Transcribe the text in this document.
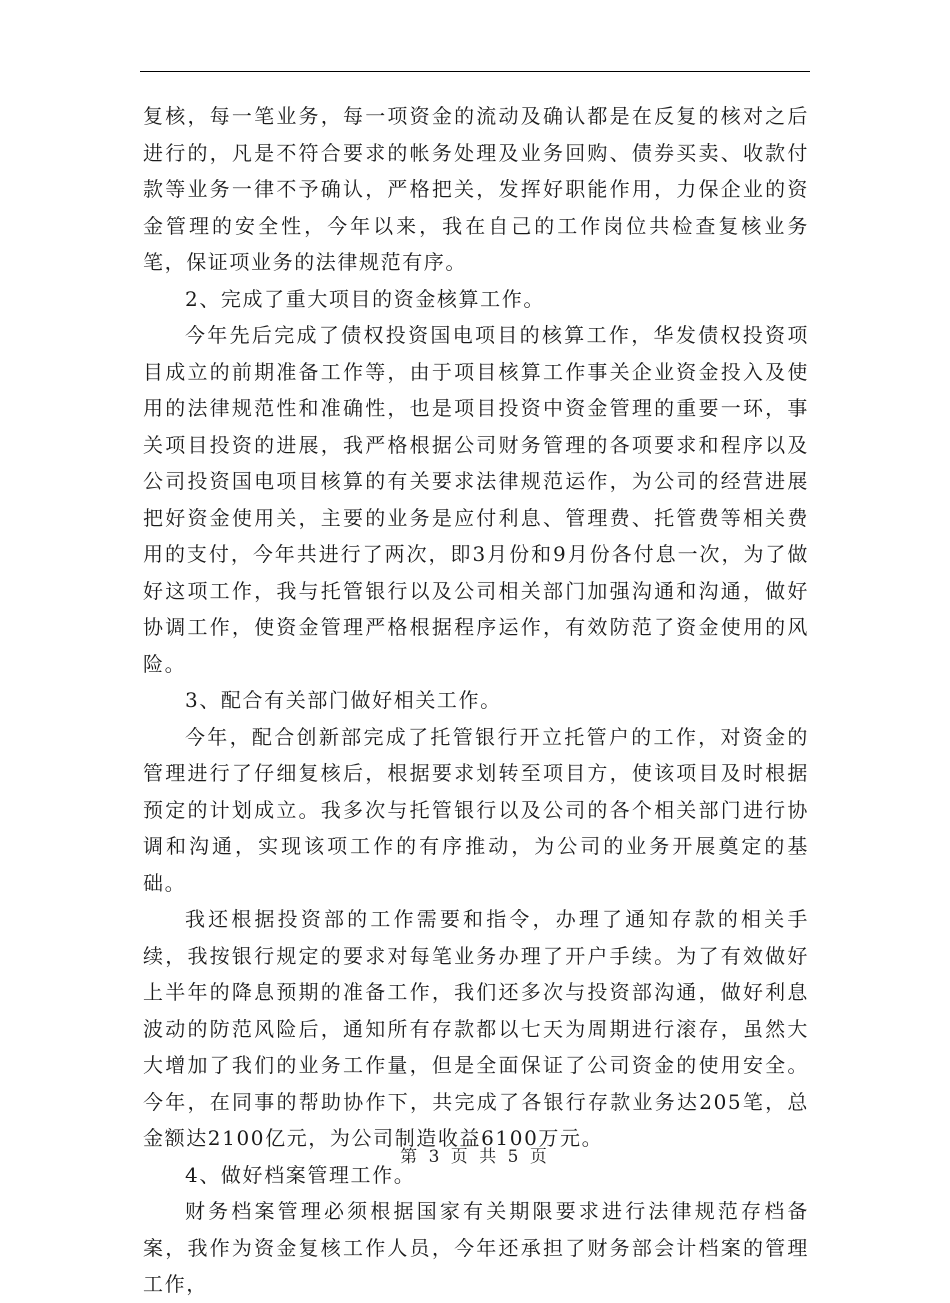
复核，每一笔业务，每一项资金的流动及确认都是在反复的核对之后进行的，凡是不符合要求的帐务处理及业务回购、债券买卖、收款付款等业务一律不予确认，严格把关，发挥好职能作用，力保企业的资金管理的安全性，今年以来，我在自己的工作岗位共检查复核业务笔，保证项业务的法律规范有序。

2、完成了重大项目的资金核算工作。

今年先后完成了债权投资国电项目的核算工作，华发债权投资项目成立的前期准备工作等，由于项目核算工作事关企业资金投入及使用的法律规范性和准确性，也是项目投资中资金管理的重要一环，事关项目投资的进展，我严格根据公司财务管理的各项要求和程序以及公司投资国电项目核算的有关要求法律规范运作，为公司的经营进展把好资金使用关，主要的业务是应付利息、管理费、托管费等相关费用的支付，今年共进行了两次，即3月份和9月份各付息一次，为了做好这项工作，我与托管银行以及公司相关部门加强沟通和沟通，做好协调工作，使资金管理严格根据程序运作，有效防范了资金使用的风险。

3、配合有关部门做好相关工作。

今年，配合创新部完成了托管银行开立托管户的工作，对资金的管理进行了仔细复核后，根据要求划转至项目方，使该项目及时根据预定的计划成立。我多次与托管银行以及公司的各个相关部门进行协调和沟通，实现该项工作的有序推动，为公司的业务开展奠定的基础。

我还根据投资部的工作需要和指令，办理了通知存款的相关手续，我按银行规定的要求对每笔业务办理了开户手续。为了有效做好上半年的降息预期的准备工作，我们还多次与投资部沟通，做好利息波动的防范风险后，通知所有存款都以七天为周期进行滚存，虽然大大增加了我们的业务工作量，但是全面保证了公司资金的使用安全。今年，在同事的帮助协作下，共完成了各银行存款业务达205笔，总金额达2100亿元，为公司制造收益6100万元。

4、做好档案管理工作。

财务档案管理必须根据国家有关期限要求进行法律规范存档备案，我作为资金复核工作人员，今年还承担了财务部会计档案的管理工作，

第 3 页 共 5 页
